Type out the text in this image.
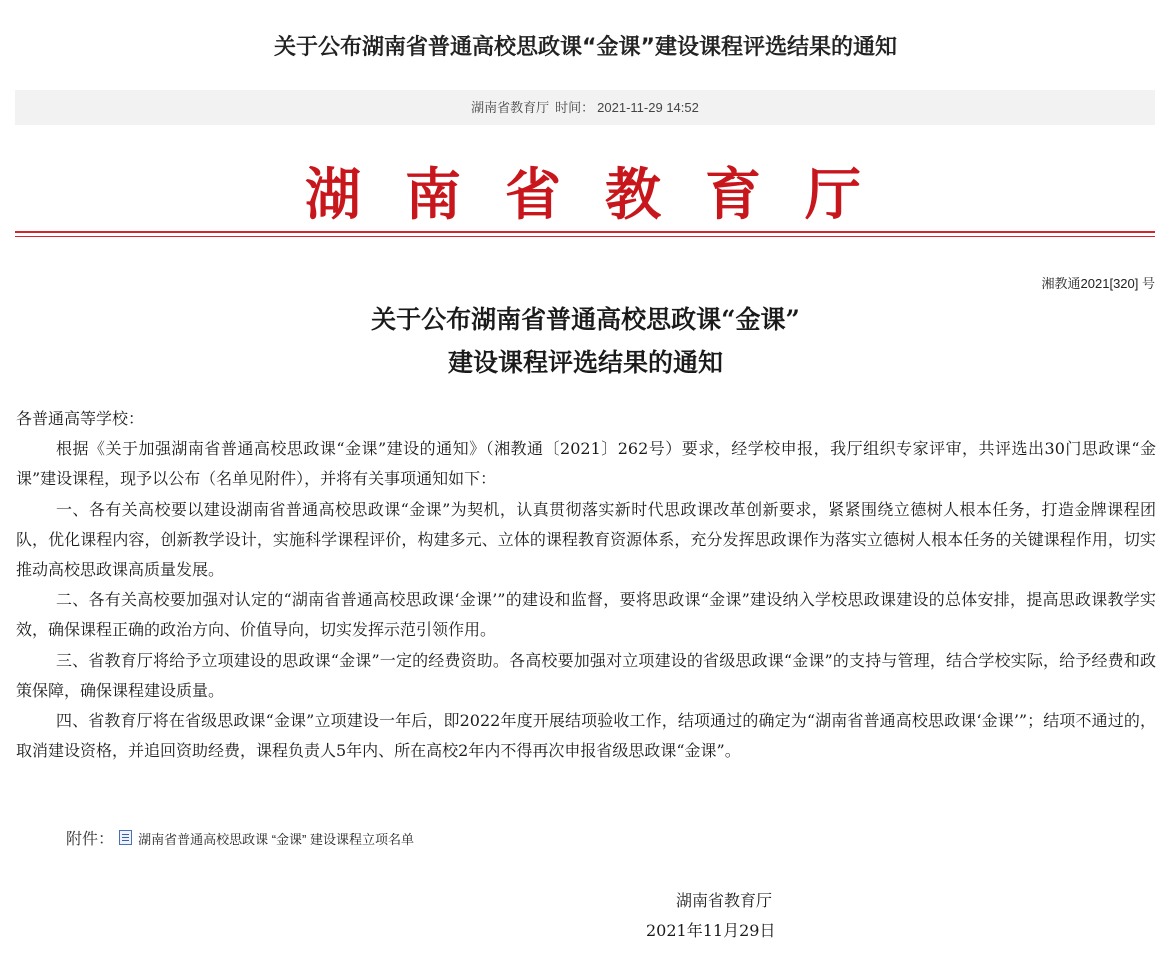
关于公布湖南省普通高校思政课“金课”建设课程评选结果的通知
湖南省教育厅 时间： 2021-11-29 14:52
湖南省教育厅
湘教通2021[320] 号
关于公布湖南省普通高校思政课“金课”
建设课程评选结果的通知

各普通高等学校：

根据《关于加强湖南省普通高校思政课“金课”建设的通知》（湘教通〔2021〕262号）要求，经学校申报，我厅组织专家评审，共评选出30门思政课“金课”建设课程，现予以公布（名单见附件），并将有关事项通知如下：

一、各有关高校要以建设湖南省普通高校思政课“金课”为契机，认真贯彻落实新时代思政课改革创新要求，紧紧围绕立德树人根本任务，打造金牌课程团队，优化课程内容，创新教学设计，实施科学课程评价，构建多元、立体的课程教育资源体系，充分发挥思政课作为落实立德树人根本任务的关键课程作用，切实推动高校思政课高质量发展。

二、各有关高校要加强对认定的“湖南省普通高校思政课‘金课’”的建设和监督，要将思政课“金课”建设纳入学校思政课建设的总体安排，提高思政课教学实效，确保课程正确的政治方向、价值导向，切实发挥示范引领作用。

三、省教育厅将给予立项建设的思政课“金课”一定的经费资助。各高校要加强对立项建设的省级思政课“金课”的支持与管理，结合学校实际，给予经费和政策保障，确保课程建设质量。

四、省教育厅将在省级思政课“金课”立项建设一年后，即2022年度开展结项验收工作，结项通过的确定为“湖南省普通高校思政课‘金课’”；结项不通过的，取消建设资格，并追回资助经费，课程负责人5年内、所在高校2年内不得再次申报省级思政课“金课”。

附件： 湖南省普通高校思政课 “金课” 建设课程立项名单
湖南省教育厅
2021年11月29日
